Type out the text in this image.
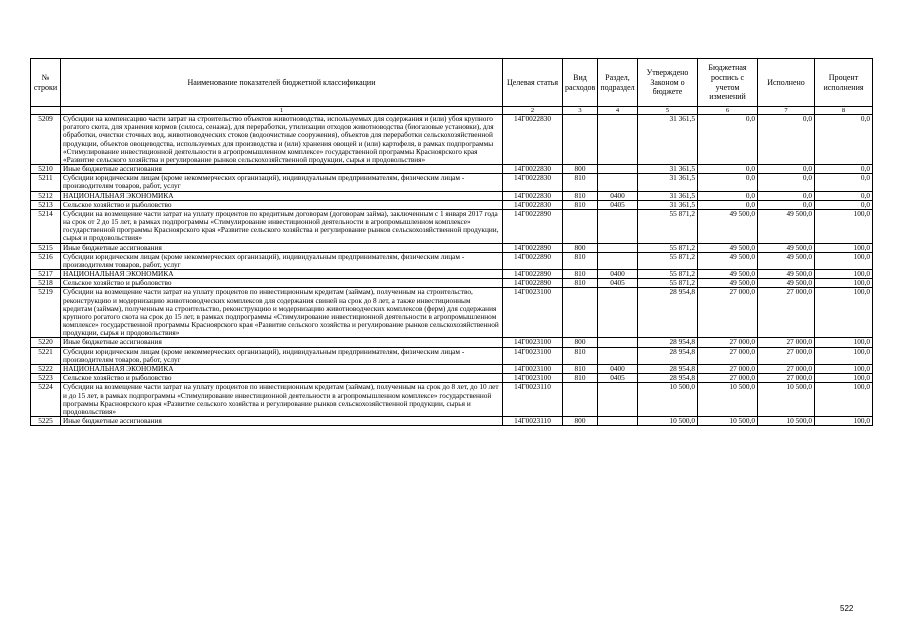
№ строки	Наименование показателей бюджетной классификации	Целевая статья	Вид расходов	Раздел, подраздел	Утверждено Законом о бюджете	Бюджетная роспись с учетом изменений	Исполнено	Процент исполнения
	1	2	3	4	5	6	7	8
5209	Субсидии на компенсацию части затрат на строительство объектов животноводства, используемых для содержания и (или) убоя крупного рогатого скота, для хранения кормов (силоса, сенажа), для переработки, утилизации отходов животноводства (биогазовые установки), для обработки, очистки сточных вод, животноводческих стоков (водоочистные сооружения), объектов для переработки сельскохозяйственной продукции, объектов овощеводства, используемых для производства и (или) хранения овощей и (или) картофеля, в рамках подпрограммы «Стимулирование инвестиционной деятельности в агропромышленном комплексе» государственной программы Красноярского края «Развитие сельского хозяйства и регулирование рынков сельскохозяйственной продукции, сырья и продовольствия»	14Г0022830			31 361,5	0,0	0,0	0,0
5210	Иные бюджетные ассигнования	14Г0022830	800		31 361,5	0,0	0,0	0,0
5211	Субсидии юридическим лицам (кроме некоммерческих организаций), индивидуальным предпринимателям, физическим лицам - производителям товаров, работ, услуг	14Г0022830	810		31 361,5	0,0	0,0	0,0
5212	НАЦИОНАЛЬНАЯ ЭКОНОМИКА	14Г0022830	810	0400	31 361,5	0,0	0,0	0,0
5213	Сельское хозяйство и рыболовство	14Г0022830	810	0405	31 361,5	0,0	0,0	0,0
5214	Субсидии на возмещение части затрат на уплату процентов по кредитным договорам (договорам займа), заключенным с 1 января 2017 года на срок от 2 до 15 лет, в рамках подпрограммы «Стимулирование инвестиционной деятельности в агропромышленном комплексе» государственной программы Красноярского края «Развитие сельского хозяйства и регулирование рынков сельскохозяйственной продукции, сырья и продовольствия»	14Г0022890			55 871,2	49 500,0	49 500,0	100,0
5215	Иные бюджетные ассигнования	14Г0022890	800		55 871,2	49 500,0	49 500,0	100,0
5216	Субсидии юридическим лицам (кроме некоммерческих организаций), индивидуальным предпринимателям, физическим лицам - производителям товаров, работ, услуг	14Г0022890	810		55 871,2	49 500,0	49 500,0	100,0
5217	НАЦИОНАЛЬНАЯ ЭКОНОМИКА	14Г0022890	810	0400	55 871,2	49 500,0	49 500,0	100,0
5218	Сельское хозяйство и рыболовство	14Г0022890	810	0405	55 871,2	49 500,0	49 500,0	100,0
5219	Субсидии на возмещение части затрат на уплату процентов по инвестиционным кредитам (займам), полученным на строительство, реконструкцию и модернизацию животноводческих комплексов для содержания свиней на срок до 8 лет, а также инвестиционным кредитам (займам), полученным на строительство, реконструкцию и модернизацию животноводческих комплексов (ферм) для содержания крупного рогатого скота на срок до 15 лет, в рамках подпрограммы «Стимулирование инвестиционной деятельности в агропромышленном комплексе» государственной программы Красноярского края «Развитие сельского хозяйства и регулирование рынков сельскохозяйственной продукции, сырья и продовольствия»	14Г0023100			28 954,8	27 000,0	27 000,0	100,0
5220	Иные бюджетные ассигнования	14Г0023100	800		28 954,8	27 000,0	27 000,0	100,0
5221	Субсидии юридическим лицам (кроме некоммерческих организаций), индивидуальным предпринимателям, физическим лицам - производителям товаров, работ, услуг	14Г0023100	810		28 954,8	27 000,0	27 000,0	100,0
5222	НАЦИОНАЛЬНАЯ ЭКОНОМИКА	14Г0023100	810	0400	28 954,8	27 000,0	27 000,0	100,0
5223	Сельское хозяйство и рыболовство	14Г0023100	810	0405	28 954,8	27 000,0	27 000,0	100,0
5224	Субсидии на возмещение части затрат на уплату процентов по инвестиционным кредитам (займам), полученным на срок до 8 лет, до 10 лет и до 15 лет, в рамках подпрограммы «Стимулирование инвестиционной деятельности в агропромышленном комплексе» государственной программы Красноярского края «Развитие сельского хозяйства и регулирование рынков сельскохозяйственной продукции, сырья и продовольствия»	14Г0023110			10 500,0	10 500,0	10 500,0	100,0
5225	Иные бюджетные ассигнования	14Г0023110	800		10 500,0	10 500,0	10 500,0	100,0
522
